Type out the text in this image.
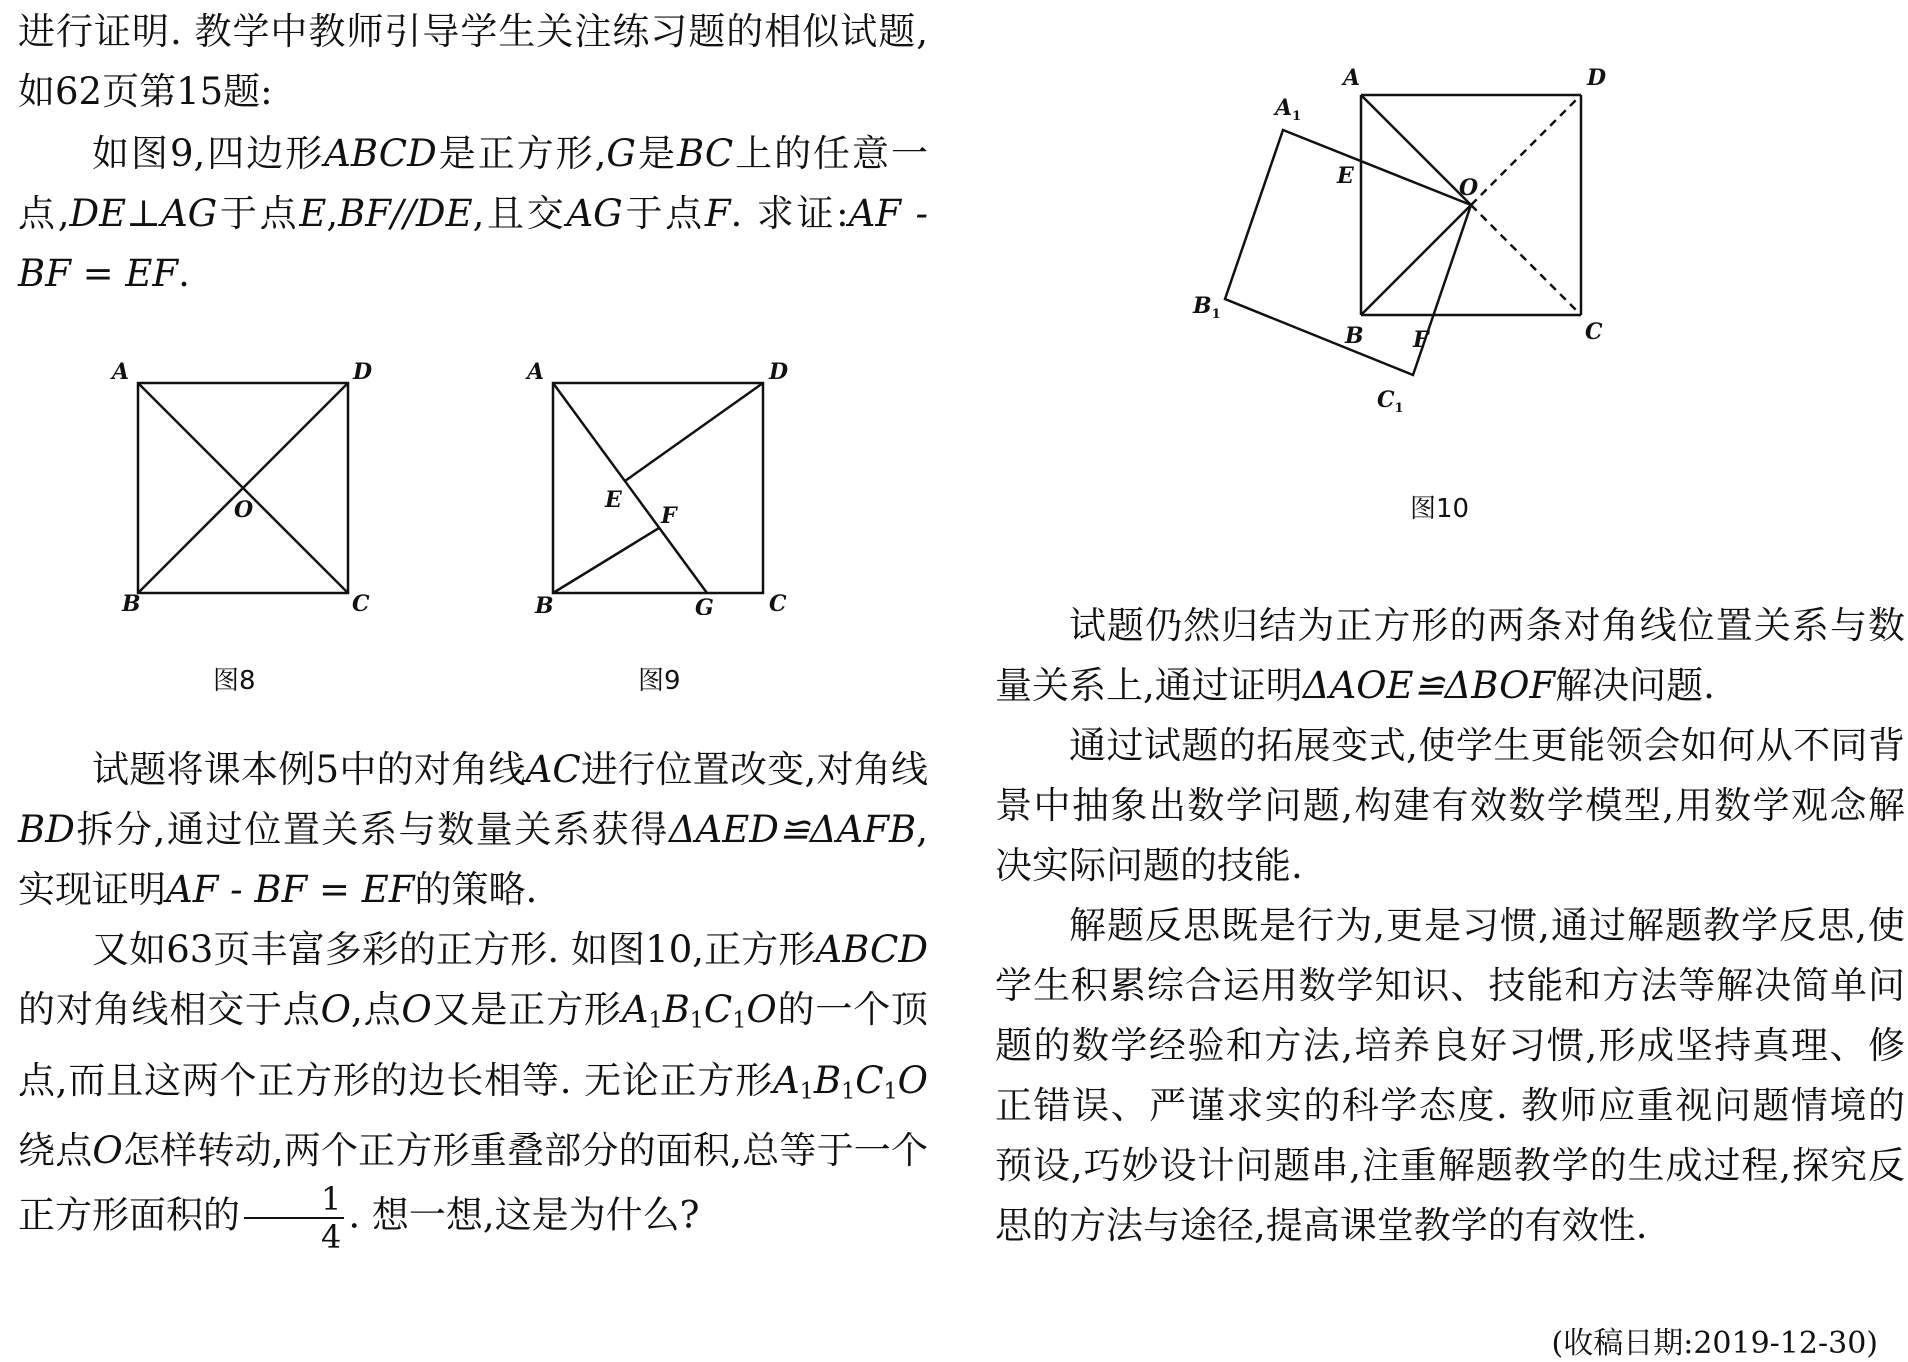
进行证明. 教学中教师引导学生关注练习题的相似试题,如62页第15题:

如图9,四边形ABCD是正方形,G是BC上的任意一点,DE⊥AG于点E,BF//DE,且交AG于点F. 求证:AF - BF = EF.

A	D
B	C
O
图8
A	D
B	C
G
E
F
图9

试题将课本例5中的对角线AC进行位置改变,对角线BD拆分,通过位置关系与数量关系获得ΔAED≌ΔAFB,实现证明AF - BF = EF的策略.

又如63页丰富多彩的正方形. 如图10,正方形ABCD的对角线相交于点O,点O又是正方形$A_1B_1C_1O$的一个顶点,而且这两个正方形的边长相等. 无论正方形$A_1B_1C_1O$绕点O怎样转动,两个正方形重叠部分的面积,总等于一个正方形面积的 $\frac{1}{4}$ . 想一想,这是为什么?

A	D
B	C
E	O
F
$A_1$
$B_1$
$C_1$
图10

试题仍然归结为正方形的两条对角线位置关系与数量关系上,通过证明ΔAOE≌ΔBOF解决问题.

通过试题的拓展变式,使学生更能领会如何从不同背景中抽象出数学问题,构建有效数学模型,用数学观念解决实际问题的技能.

解题反思既是行为,更是习惯,通过解题教学反思,使学生积累综合运用数学知识、技能和方法等解决简单问题的数学经验和方法,培养良好习惯,形成坚持真理、修正错误、严谨求实的科学态度. 教师应重视问题情境的预设,巧妙设计问题串,注重解题教学的生成过程,探究反思的方法与途径,提高课堂教学的有效性.

(收稿日期:2019-12-30)
